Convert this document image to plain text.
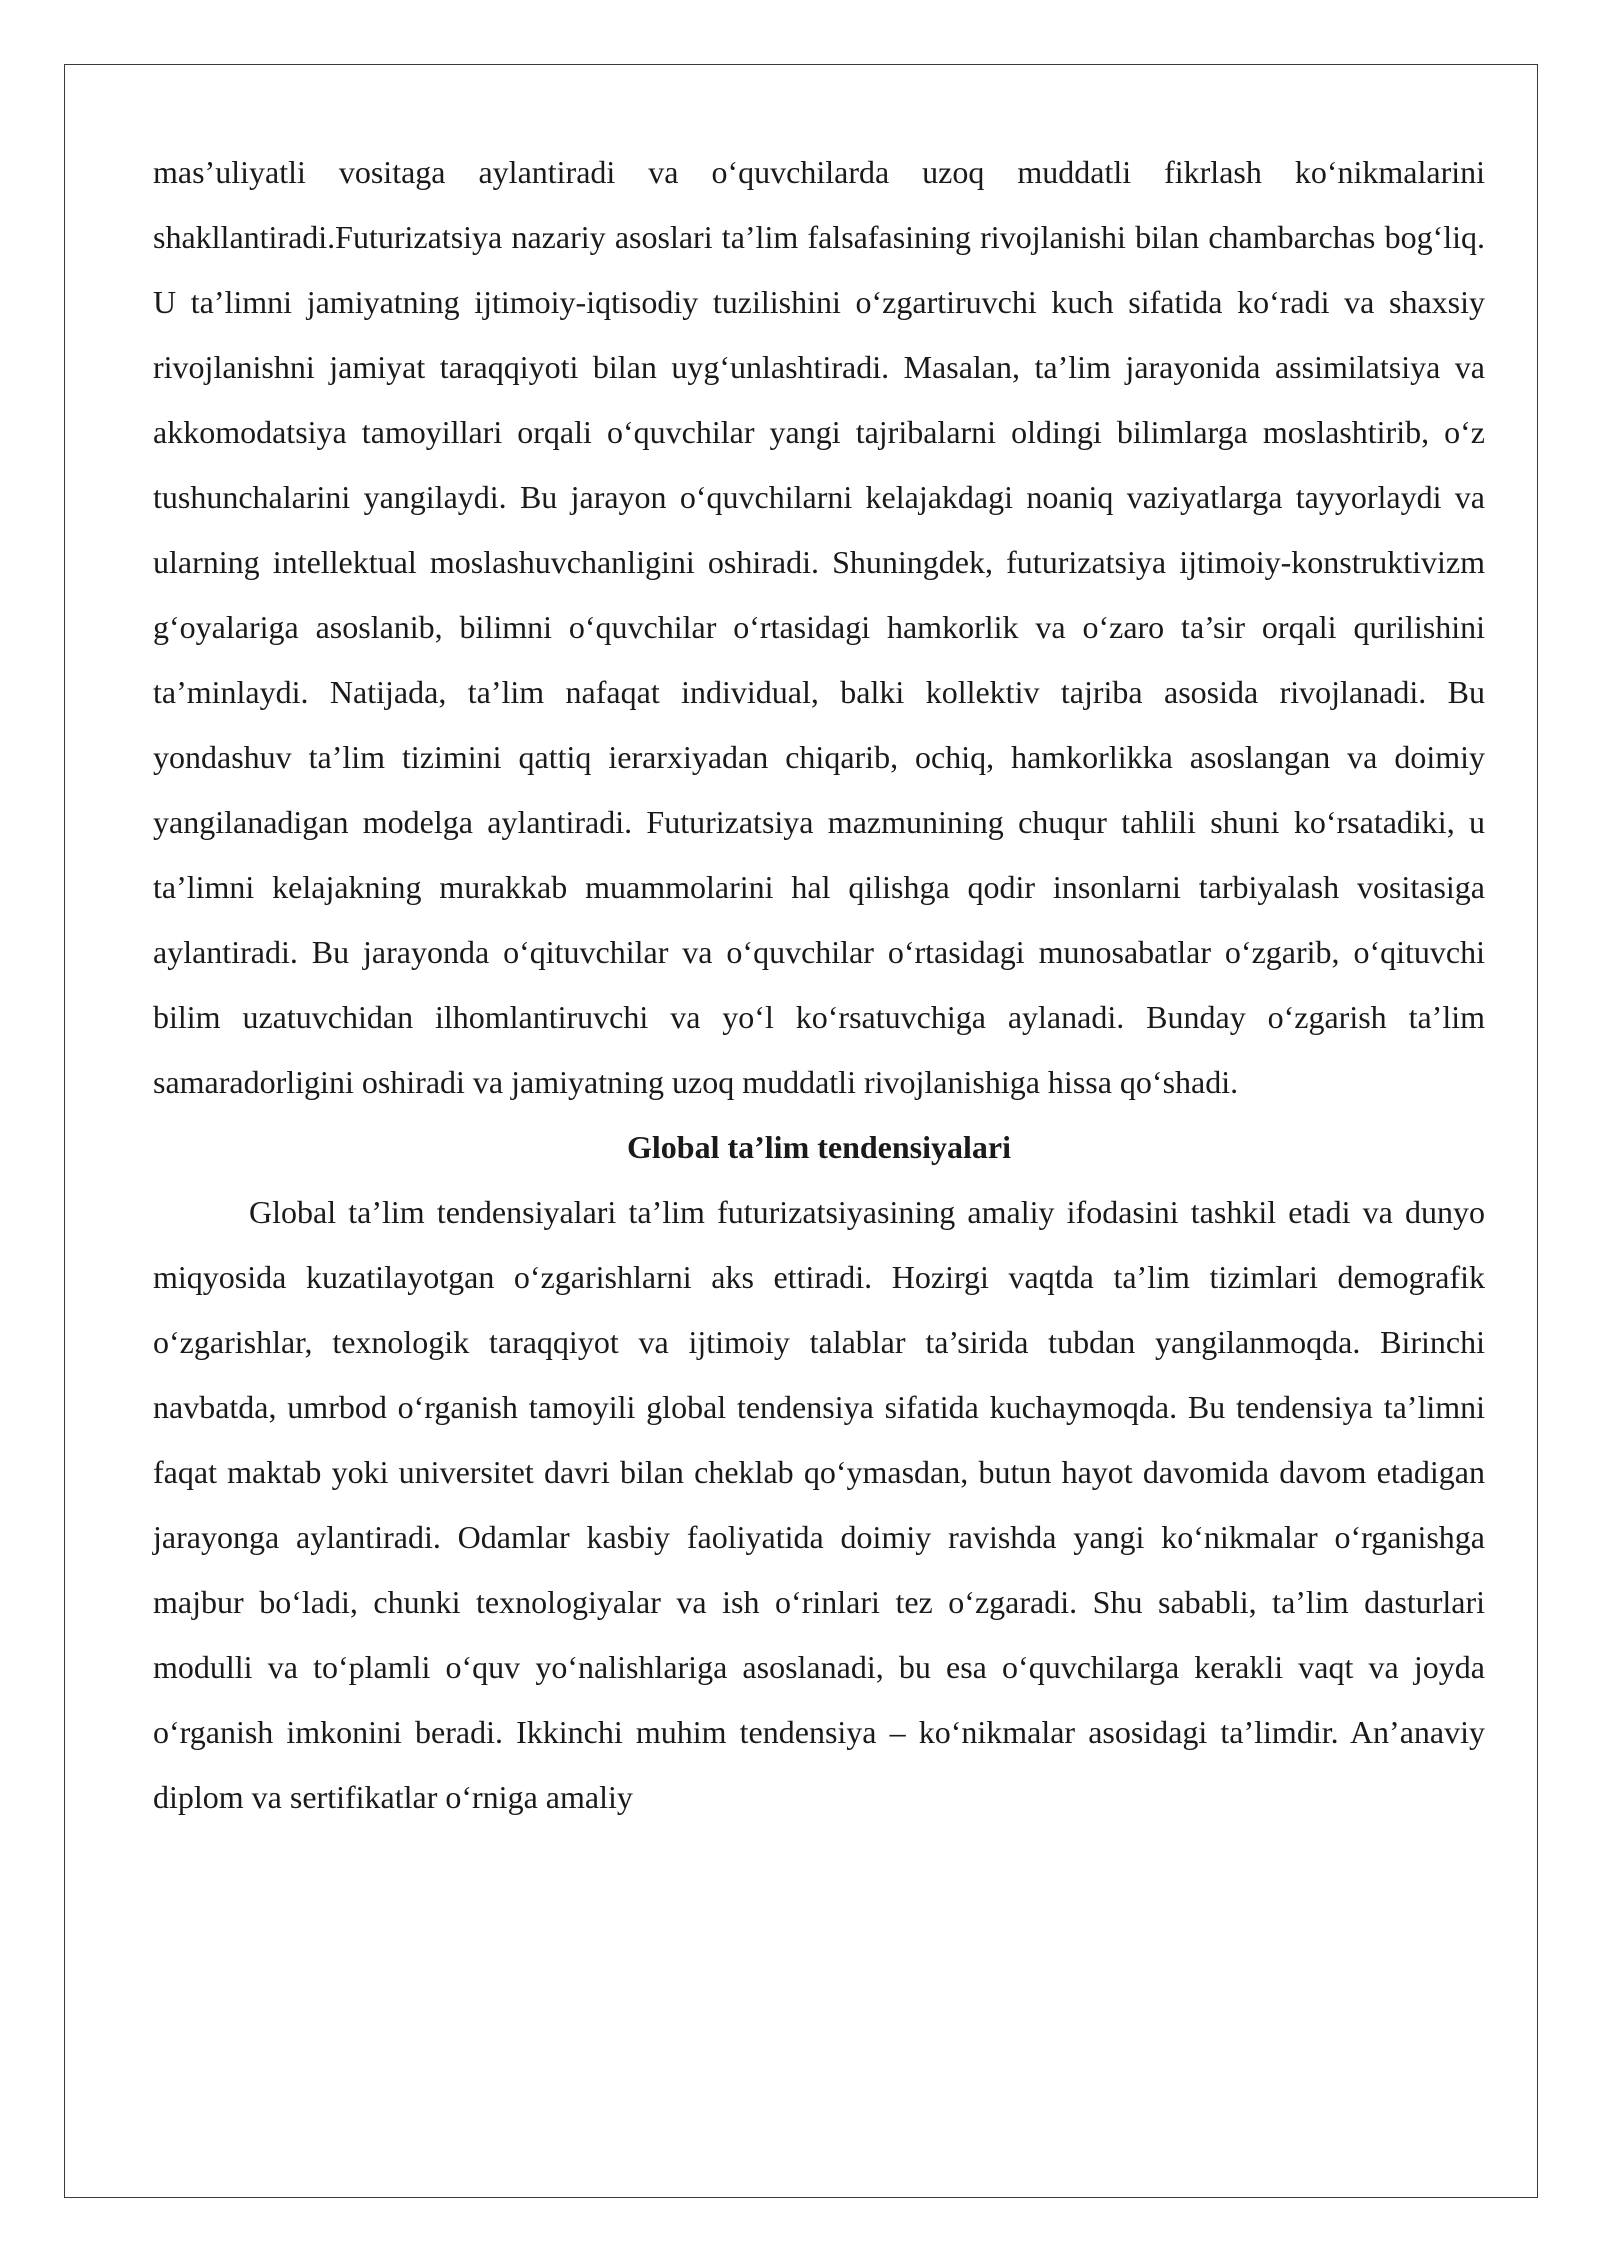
mas’uliyatli vositaga aylantiradi va o‘quvchilarda uzoq muddatli fikrlash ko‘nikmalarini shakllantiradi.Futurizatsiya nazariy asoslari ta’lim falsafasining rivojlanishi bilan chambarchas bog‘liq. U ta’limni jamiyatning ijtimoiy-iqtisodiy tuzilishini o‘zgartiruvchi kuch sifatida ko‘radi va shaxsiy rivojlanishni jamiyat taraqqiyoti bilan uyg‘unlashtiradi. Masalan, ta’lim jarayonida assimilatsiya va akkomodatsiya tamoyillari orqali o‘quvchilar yangi tajribalarni oldingi bilimlarga moslashtirib, o‘z tushunchalarini yangilaydi. Bu jarayon o‘quvchilarni kelajakdagi noaniq vaziyatlarga tayyorlaydi va ularning intellektual moslashuvchanligini oshiradi. Shuningdek, futurizatsiya ijtimoiy-konstruktivizm g‘oyalariga asoslanib, bilimni o‘quvchilar o‘rtasidagi hamkorlik va o‘zaro ta’sir orqali qurilishini ta’minlaydi. Natijada, ta’lim nafaqat individual, balki kollektiv tajriba asosida rivojlanadi. Bu yondashuv ta’lim tizimini qattiq ierarxiyadan chiqarib, ochiq, hamkorlikka asoslangan va doimiy yangilanadigan modelga aylantiradi. Futurizatsiya mazmunining chuqur tahlili shuni ko‘rsatadiki, u ta’limni kelajakning murakkab muammolarini hal qilishga qodir insonlarni tarbiyalash vositasiga aylantiradi. Bu jarayonda o‘qituvchilar va o‘quvchilar o‘rtasidagi munosabatlar o‘zgarib, o‘qituvchi bilim uzatuvchidan ilhomlantiruvchi va yo‘l ko‘rsatuvchiga aylanadi. Bunday o‘zgarish ta’lim samaradorligini oshiradi va jamiyatning uzoq muddatli rivojlanishiga hissa qo‘shadi.

Global ta’lim tendensiyalari

Global ta’lim tendensiyalari ta’lim futurizatsiyasining amaliy ifodasini tashkil etadi va dunyo miqyosida kuzatilayotgan o‘zgarishlarni aks ettiradi. Hozirgi vaqtda ta’lim tizimlari demografik o‘zgarishlar, texnologik taraqqiyot va ijtimoiy talablar ta’sirida tubdan yangilanmoqda. Birinchi navbatda, umrbod o‘rganish tamoyili global tendensiya sifatida kuchaymoqda. Bu tendensiya ta’limni faqat maktab yoki universitet davri bilan cheklab qo‘ymasdan, butun hayot davomida davom etadigan jarayonga aylantiradi. Odamlar kasbiy faoliyatida doimiy ravishda yangi ko‘nikmalar o‘rganishga majbur bo‘ladi, chunki texnologiyalar va ish o‘rinlari tez o‘zgaradi. Shu sababli, ta’lim dasturlari modulli va to‘plamli o‘quv yo‘nalishlariga asoslanadi, bu esa o‘quvchilarga kerakli vaqt va joyda o‘rganish imkonini beradi. Ikkinchi muhim tendensiya – ko‘nikmalar asosidagi ta’limdir. An’anaviy diplom va sertifikatlar o‘rniga amaliy
